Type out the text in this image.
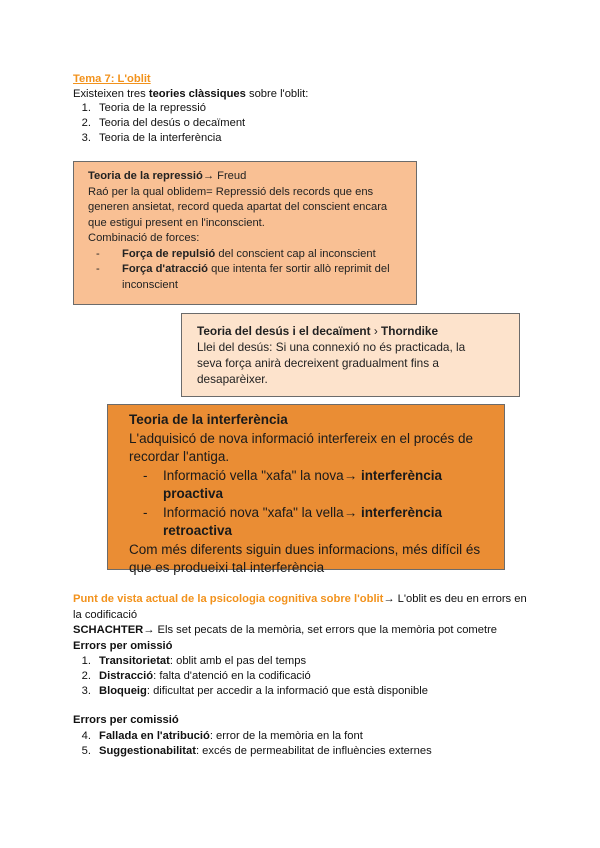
Tema 7: L'oblit
Existeixen tres teories clàssiques sobre l'oblit:
1. Teoria de la repressió
2. Teoria del desús o decaïment
3. Teoria de la interferència
Teoria de la repressió→ Freud
Raó per la qual oblidem= Repressió dels records que ens
generen ansietat, record queda apartat del conscient encara
que estigui present en l'inconscient.
Combinació de forces:
-	Força de repulsió del conscient cap al inconscient
-	Força d'atracció que intenta fer sortir allò reprimit del
inconscient
Teoria del desús i el decaïment › Thorndike
Llei del desús: Si una connexió no és practicada, la
seva força anirà decreixent gradualment fins a
desaparèixer.
Teoria de la interferència
L'adquisicó de nova informació interfereix en el procés de
recordar l'antiga.
-	Informació vella "xafa" la nova→ interferència
proactiva
-	Informació nova "xafa" la vella→ interferència
retroactiva
Com més diferents siguin dues informacions, més difícil és
que es produeixi tal interferència
Punt de vista actual de la psicologia cognitiva sobre l'oblit→ L'oblit es deu en errors en
la codificació
SCHACHTER→ Els set pecats de la memòria, set errors que la memòria pot cometre
Errors per omissió
1. Transitorietat: oblit amb el pas del temps
2. Distracció: falta d'atenció en la codificació
3. Bloqueig: dificultat per accedir a la informació que està disponible
Errors per comissió
4. Fallada en l'atribució: error de la memòria en la font
5. Suggestionabilitat: excés de permeabilitat de influències externes
